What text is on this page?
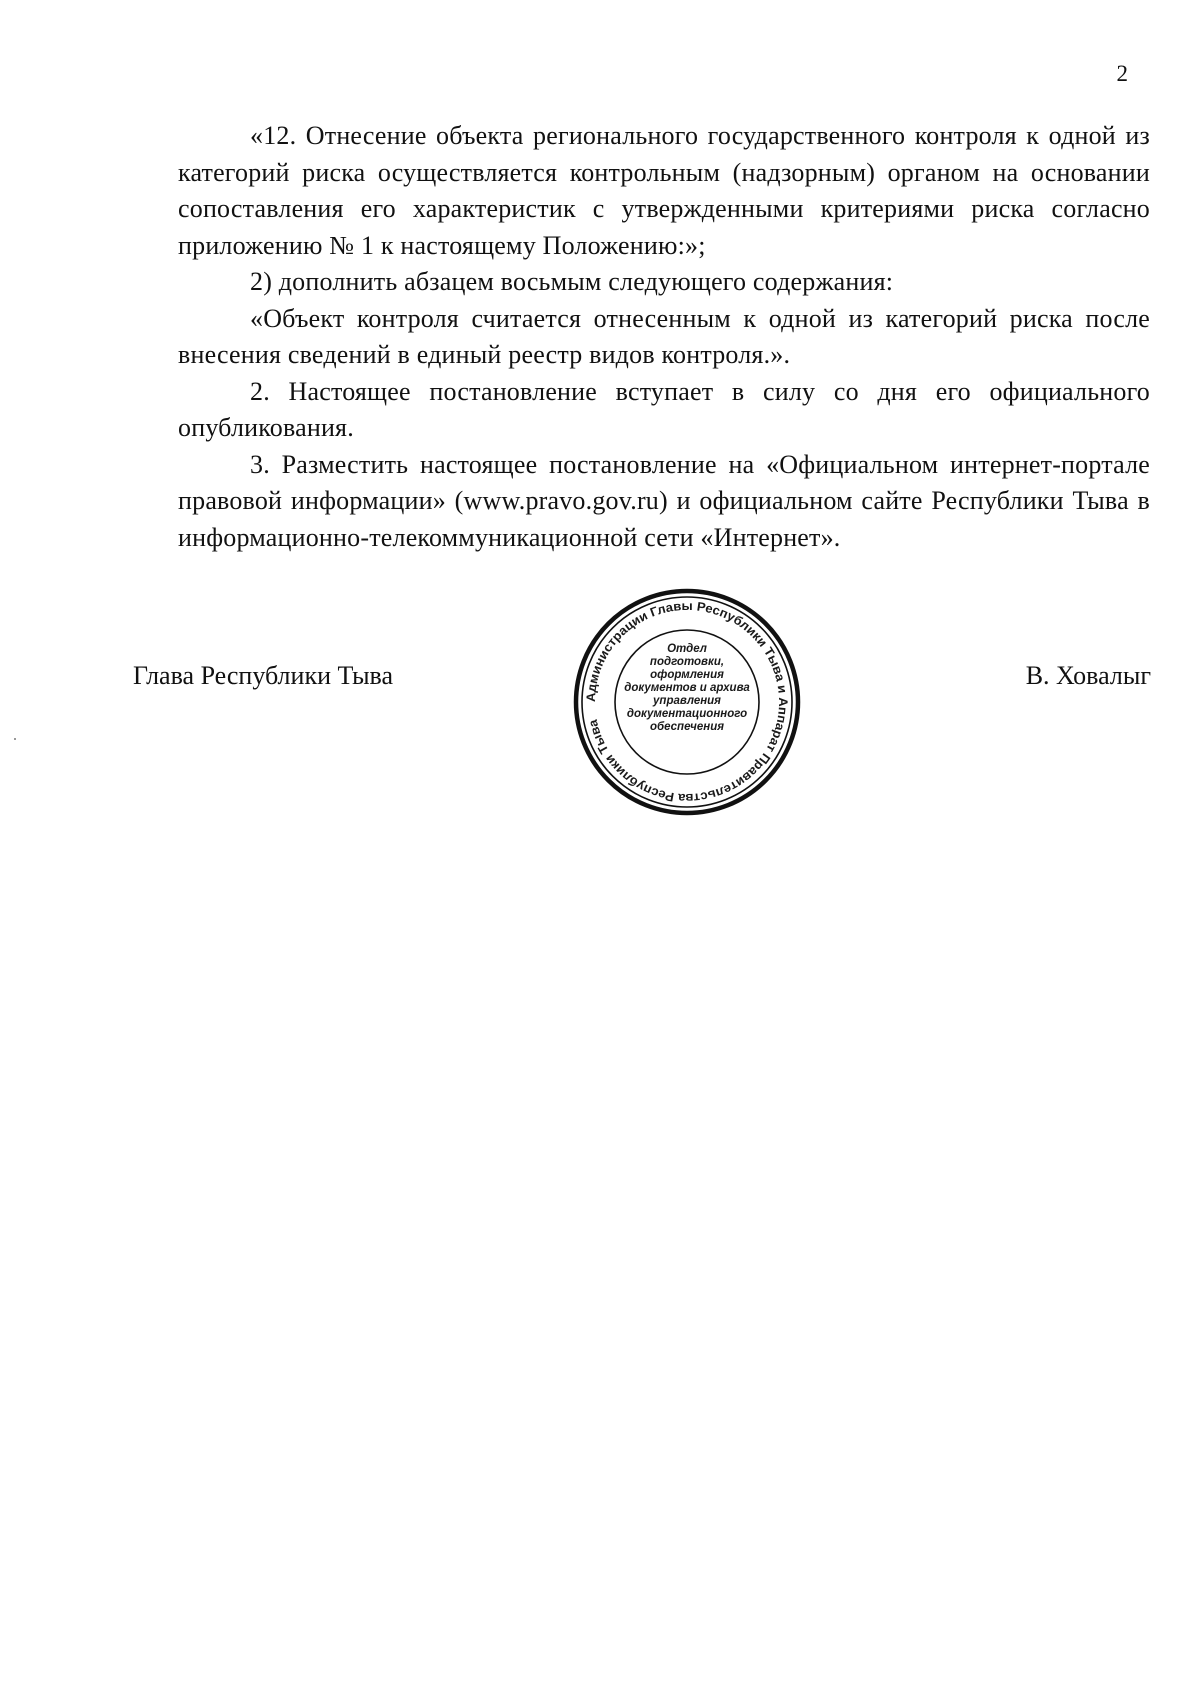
2

«12. Отнесение объекта регионального государственного контроля к одной из категорий риска осуществляется контрольным (надзорным) органом на основании сопоставления его характеристик с утвержденными критериями риска согласно приложению № 1 к настоящему Положению:»;

2) дополнить абзацем восьмым следующего содержания:

«Объект контроля считается отнесенным к одной из категорий риска после внесения сведений в единый реестр видов контроля.».

2. Настоящее постановление вступает в силу со дня его официального опубликования.

3. Разместить настоящее постановление на «Официальном интернет-портале правовой информации» (www.pravo.gov.ru) и официальном сайте Республики Тыва в информационно-телекоммуникационной сети «Интернет».

Глава Республики Тыва	В. Ховалыг
Администрации Главы Республики Тыва и Аппарат Правительства Республики Тыва
Отдел
подготовки,
оформления
документов и архива
управления
документационного
обеспечения
